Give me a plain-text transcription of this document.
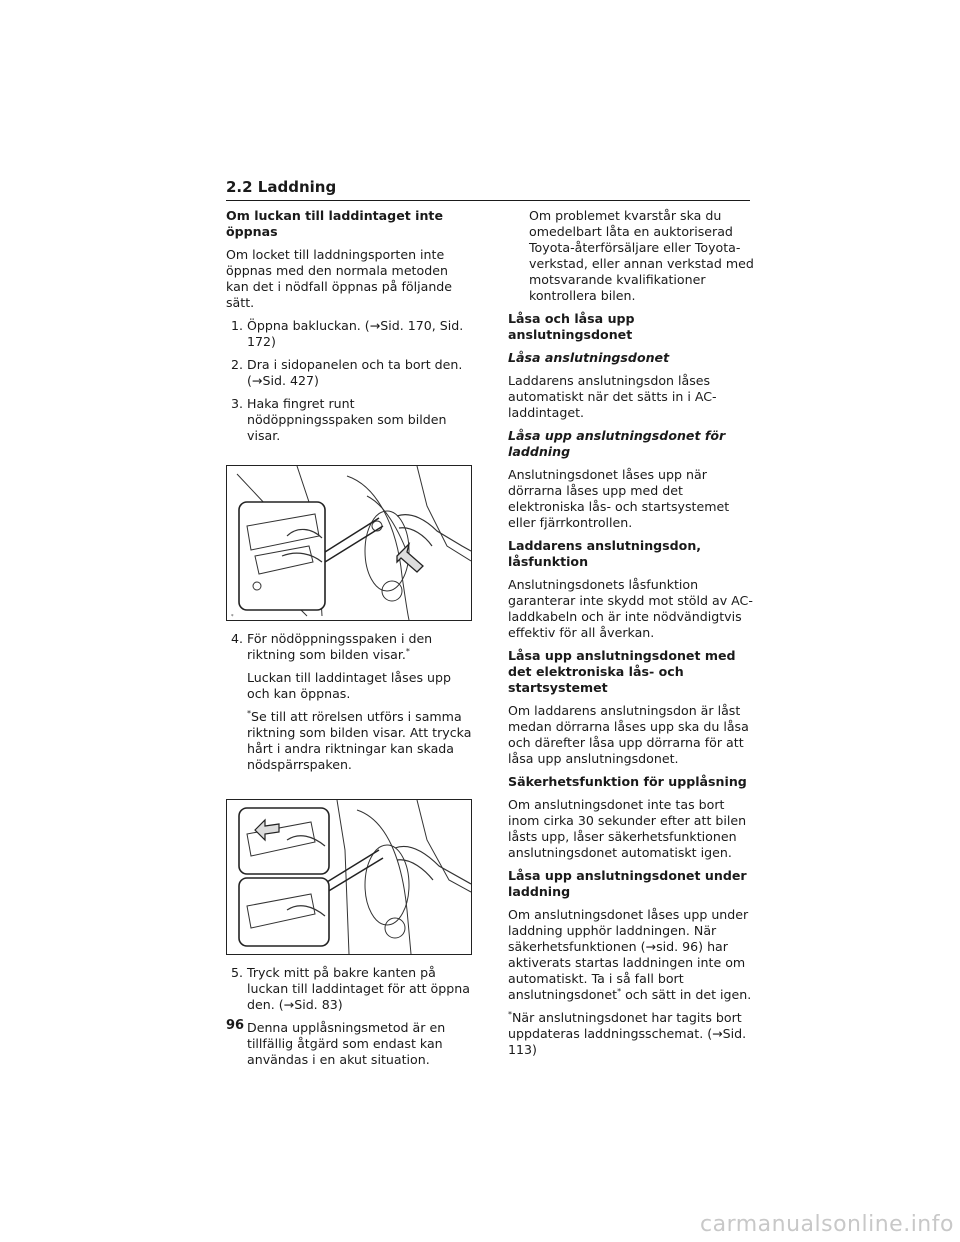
2.2 Laddning

Om luckan till laddintaget inte öppnas

Om locket till laddningsporten inte öppnas med den normala metoden kan det i nödfall öppnas på följande sätt.

1. Öppna bakluckan. (→Sid. 170, Sid. 172)

2. Dra i sidopanelen och ta bort den. (→Sid. 427)

3. Haka fingret runt nödöppningsspaken som bilden visar.

ᵩ

4. För nödöppningsspaken i den riktning som bilden visar.*

Luckan till laddintaget låses upp och kan öppnas.

*Se till att rörelsen utförs i samma riktning som bilden visar. Att trycka hårt i andra riktningar kan skada nödspärrspaken.

5. Tryck mitt på bakre kanten på luckan till laddintaget för att öppna den. (→Sid. 83)

Denna upplåsningsmetod är en tillfällig åtgärd som endast kan användas i en akut situation.

Om problemet kvarstår ska du omedelbart låta en auktoriserad Toyota-återförsäljare eller Toyota-verkstad, eller annan verkstad med motsvarande kvalifikationer kontrollera bilen.

Låsa och låsa upp anslutningsdonet

Låsa anslutningsdonet

Laddarens anslutningsdon låses automatiskt när det sätts in i AC-laddintaget.

Låsa upp anslutningsdonet för laddning

Anslutningsdonet låses upp när dörrarna låses upp med det elektroniska lås- och startsystemet eller fjärrkontrollen.

Laddarens anslutningsdon, låsfunktion

Anslutningsdonets låsfunktion garanterar inte skydd mot stöld av AC-laddkabeln och är inte nödvändigtvis effektiv för all åverkan.

Låsa upp anslutningsdonet med det elektroniska lås- och startsystemet

Om laddarens anslutningsdon är låst medan dörrarna låses upp ska du låsa och därefter låsa upp dörrarna för att låsa upp anslutningsdonet.

Säkerhetsfunktion för upplåsning

Om anslutningsdonet inte tas bort inom cirka 30 sekunder efter att bilen låsts upp, låser säkerhetsfunktionen anslutningsdonet automatiskt igen.

Låsa upp anslutningsdonet under laddning

Om anslutningsdonet låses upp under laddning upphör laddningen. När säkerhetsfunktionen (→sid. 96) har aktiverats startas laddningen inte om automatiskt. Ta i så fall bort anslutningsdonet* och sätt in det igen.

*När anslutningsdonet har tagits bort uppdateras laddningsschemat. (→Sid. 113)

96
carmanualsonline.info
